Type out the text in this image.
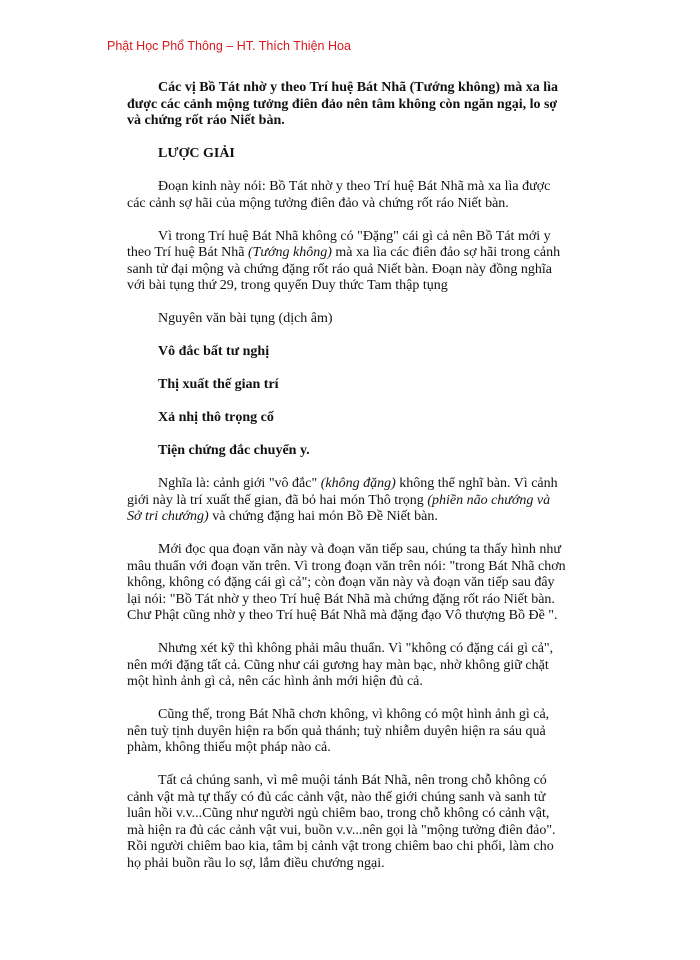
Phật Học Phổ Thông – HT. Thích Thiện Hoa

Các vị Bồ Tát nhờ y theo Trí huệ Bát Nhã (Tướng không) mà xa lìa được các cảnh mộng tưởng điên đảo nên tâm không còn ngăn ngại, lo sợ và chứng rốt ráo Niết bàn.

LƯỢC GIẢI

Đoạn kinh này nói: Bồ Tát nhờ y theo Trí huệ Bát Nhã mà xa lìa được các cảnh sợ hãi của mộng tưởng điên đảo và chứng rốt ráo Niết bàn.

Vì trong Trí huệ Bát Nhã không có "Đặng" cái gì cả nên Bồ Tát mới y theo Trí huệ Bát Nhã (Tướng không) mà xa lìa các điên đảo sợ hãi trong cảnh sanh tử đại mộng và chứng đặng rốt ráo quả Niết bàn. Đoạn này đồng nghĩa với bài tụng thứ 29, trong quyển Duy thức Tam thập tụng

Nguyên văn bài tụng (dịch âm)

Vô đắc bất tư nghị

Thị xuất thế gian trí

Xả nhị thô trọng cố

Tiện chứng đắc chuyển y.

Nghĩa là: cảnh giới "vô đắc" (không đặng) không thể nghĩ bàn. Vì cảnh giới này là trí xuất thế gian, đã bỏ hai món Thô trọng (phiền não chướng và Sở tri chướng) và chứng đặng hai món Bồ Đề Niết bàn.

Mới đọc qua đoạn văn này và đoạn văn tiếp sau, chúng ta thấy hình như mâu thuẩn với đoạn văn trên. Vì trong đoạn văn trên nói: "trong Bát Nhã chơn không, không có đặng cái gì cả"; còn đoạn văn này và đoạn văn tiếp sau đây lại nói: "Bồ Tát nhờ y theo Trí huệ Bát Nhã mà chứng đặng rốt ráo Niết bàn. Chư Phật cũng nhờ y theo Trí huệ Bát Nhã mà đặng đạo Vô thượng Bồ Đề ".

Nhưng xét kỹ thì không phải mâu thuẩn. Vì "không có đặng cái gì cả", nên mới đặng tất cả. Cũng như cái gương hay màn bạc, nhờ không giữ chặt một hình ảnh gì cả, nên các hình ảnh mới hiện đủ cả.

Cũng thế, trong Bát Nhã chơn không, vì không có một hình ảnh gì cả, nên tuỳ tịnh duyên hiện ra bốn quả thánh; tuỳ nhiễm duyên hiện ra sáu quả phàm, không thiếu một pháp nào cả.

Tất cả chúng sanh, vì mê muội tánh Bát Nhã, nên trong chỗ không có cảnh vật mà tự thấy có đủ các cảnh vật, nào thế giới chúng sanh và sanh tử luân hồi v.v...Cũng như người ngủ chiêm bao, trong chỗ không có cảnh vật, mà hiện ra đủ các cảnh vật vui, buồn v.v...nên gọi là "mộng tưởng điên đảo". Rồi người chiêm bao kia, tâm bị cảnh vật trong chiêm bao chi phối, làm cho họ phải buồn rầu lo sợ, lắm điều chướng ngại.
